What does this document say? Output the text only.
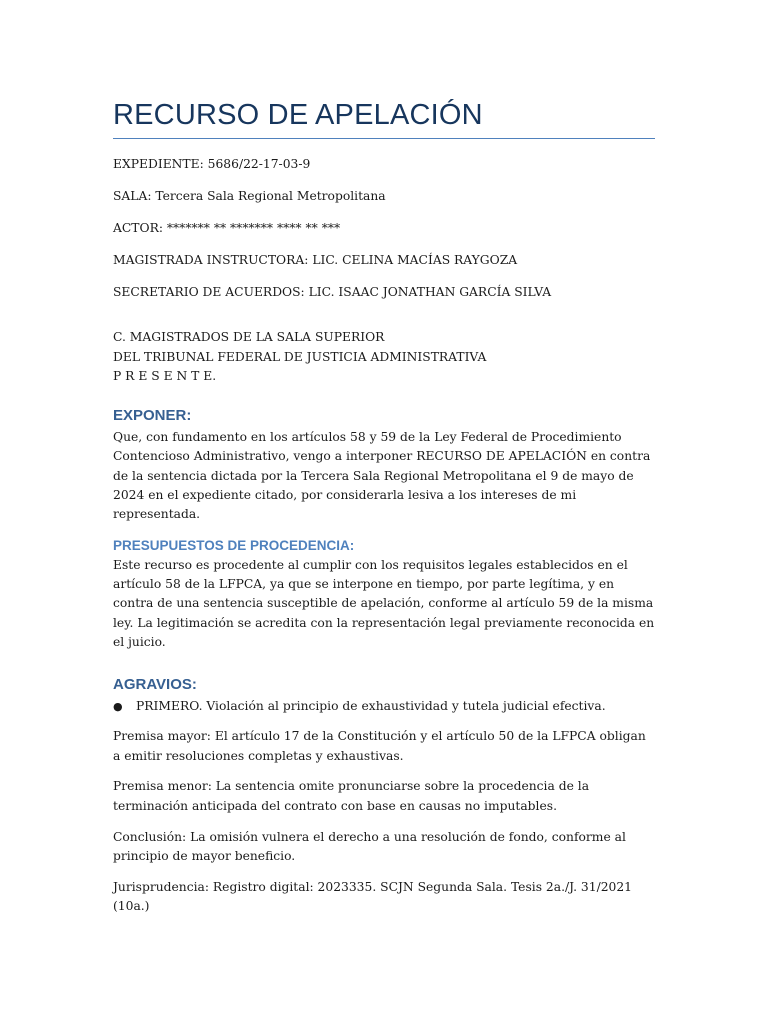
RECURSO DE APELACIÓN

EXPEDIENTE: 5686/22-17-03-9

SALA: Tercera Sala Regional Metropolitana

ACTOR: ******* ** ******* **** ** ***

MAGISTRADA INSTRUCTORA: LIC. CELINA MACÍAS RAYGOZA

SECRETARIO DE ACUERDOS: LIC. ISAAC JONATHAN GARCÍA SILVA

C. MAGISTRADOS DE LA SALA SUPERIOR
DEL TRIBUNAL FEDERAL DE JUSTICIA ADMINISTRATIVA
P R E S E N T E.
EXPONER:

Que, con fundamento en los artículos 58 y 59 de la Ley Federal de Procedimiento Contencioso Administrativo, vengo a interponer RECURSO DE APELACIÓN en contra de la sentencia dictada por la Tercera Sala Regional Metropolitana el 9 de mayo de 2024 en el expediente citado, por considerarla lesiva a los intereses de mi representada.

PRESUPUESTOS DE PROCEDENCIA:

Este recurso es procedente al cumplir con los requisitos legales establecidos en el artículo 58 de la LFPCA, ya que se interpone en tiempo, por parte legítima, y en contra de una sentencia susceptible de apelación, conforme al artículo 59 de la misma ley. La legitimación se acredita con la representación legal previamente reconocida en el juicio.

AGRAVIOS:
● PRIMERO. Violación al principio de exhaustividad y tutela judicial efectiva.

Premisa mayor: El artículo 17 de la Constitución y el artículo 50 de la LFPCA obligan a emitir resoluciones completas y exhaustivas.

Premisa menor: La sentencia omite pronunciarse sobre la procedencia de la terminación anticipada del contrato con base en causas no imputables.

Conclusión: La omisión vulnera el derecho a una resolución de fondo, conforme al principio de mayor beneficio.

Jurisprudencia: Registro digital: 2023335. SCJN Segunda Sala. Tesis 2a./J. 31/2021 (10a.)
